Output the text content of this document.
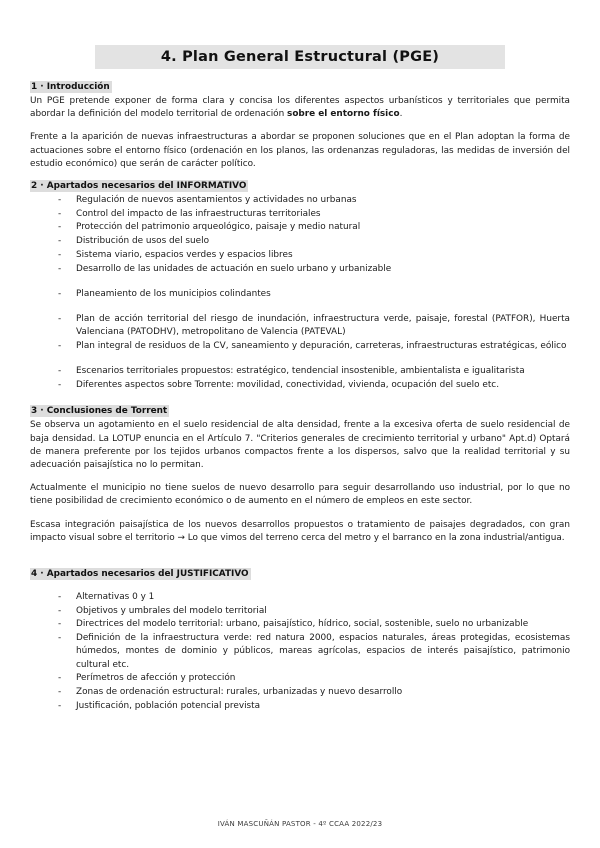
4. Plan General Estructural (PGE)
1 · Introducción

Un PGE pretende exponer de forma clara y concisa los diferentes aspectos urbanísticos y territoriales que permita abordar la definición del modelo territorial de ordenación sobre el entorno físico.

Frente a la aparición de nuevas infraestructuras a abordar se proponen soluciones que en el Plan adoptan la forma de actuaciones sobre el entorno físico (ordenación en los planos, las ordenanzas reguladoras, las medidas de inversión del estudio económico) que serán de carácter político.

2 · Apartados necesarios del INFORMATIVO
- Regulación de nuevos asentamientos y actividades no urbanas
- Control del impacto de las infraestructuras territoriales
- Protección del patrimonio arqueológico, paisaje y medio natural
- Distribución de usos del suelo
- Sistema viario, espacios verdes y espacios libres
- Desarrollo de las unidades de actuación en suelo urbano y urbanizable
- Planeamiento de los municipios colindantes
- Plan de acción territorial del riesgo de inundación, infraestructura verde, paisaje, forestal (PATFOR), Huerta Valenciana (PATODHV), metropolitano de Valencia (PATEVAL)
- Plan integral de residuos de la CV, saneamiento y depuración, carreteras, infraestructuras estratégicas, eólico
- Escenarios territoriales propuestos: estratégico, tendencial insostenible, ambientalista e igualitarista
- Diferentes aspectos sobre Torrente: movilidad, conectividad, vivienda, ocupación del suelo etc.
3 · Conclusiones de Torrent

Se observa un agotamiento en el suelo residencial de alta densidad, frente a la excesiva oferta de suelo residencial de baja densidad. La LOTUP enuncia en el Artículo 7. "Criterios generales de crecimiento territorial y urbano" Apt.d) Optará de manera preferente por los tejidos urbanos compactos frente a los dispersos, salvo que la realidad territorial y su adecuación paisajística no lo permitan.

Actualmente el municipio no tiene suelos de nuevo desarrollo para seguir desarrollando uso industrial, por lo que no tiene posibilidad de crecimiento económico o de aumento en el número de empleos en este sector.

Escasa integración paisajística de los nuevos desarrollos propuestos o tratamiento de paisajes degradados, con gran impacto visual sobre el territorio → Lo que vimos del terreno cerca del metro y el barranco en la zona industrial/antigua.

4 · Apartados necesarios del JUSTIFICATIVO
- Alternativas 0 y 1
- Objetivos y umbrales del modelo territorial
- Directrices del modelo territorial: urbano, paisajístico, hídrico, social, sostenible, suelo no urbanizable
- Definición de la infraestructura verde: red natura 2000, espacios naturales, áreas protegidas, ecosistemas húmedos, montes de dominio y públicos, mareas agrícolas, espacios de interés paisajístico, patrimonio cultural etc.
- Perímetros de afección y protección
- Zonas de ordenación estructural: rurales, urbanizadas y nuevo desarrollo
- Justificación, población potencial prevista
IVÁN MASCUÑÁN PASTOR - 4º CCAA 2022/23
